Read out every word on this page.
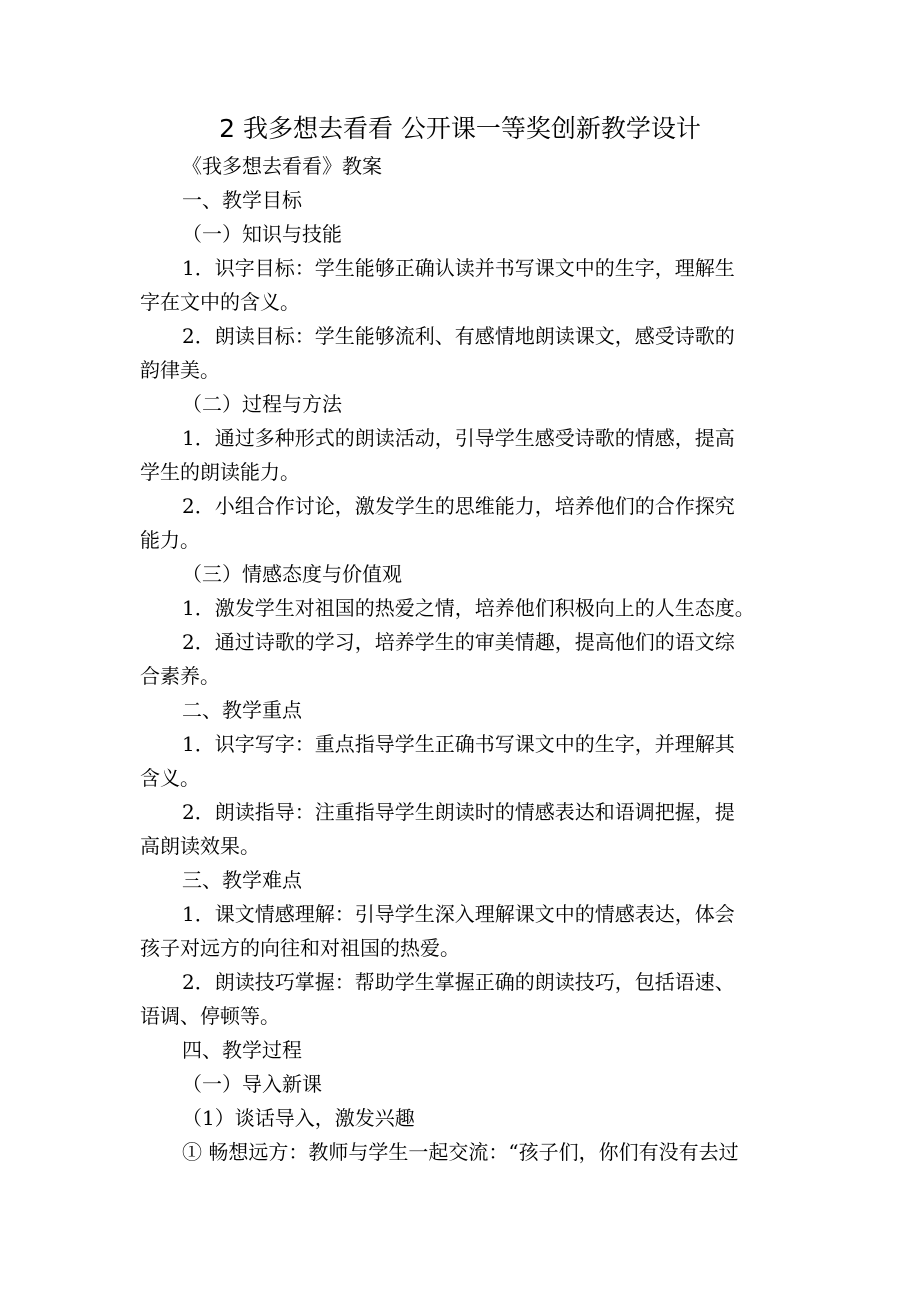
2 我多想去看看 公开课一等奖创新教学设计
《我多想去看看》教案
一、教学目标
（一）知识与技能
1．识字目标：学生能够正确认读并书写课文中的生字，理解生
字在文中的含义。
2．朗读目标：学生能够流利、有感情地朗读课文，感受诗歌的
韵律美。
（二）过程与方法
1．通过多种形式的朗读活动，引导学生感受诗歌的情感，提高
学生的朗读能力。
2．小组合作讨论，激发学生的思维能力，培养他们的合作探究
能力。
（三）情感态度与价值观
1．激发学生对祖国的热爱之情，培养他们积极向上的人生态度。
2．通过诗歌的学习，培养学生的审美情趣，提高他们的语文综
合素养。
二、教学重点
1．识字写字：重点指导学生正确书写课文中的生字，并理解其
含义。
2．朗读指导：注重指导学生朗读时的情感表达和语调把握，提
高朗读效果。
三、教学难点
1．课文情感理解：引导学生深入理解课文中的情感表达，体会
孩子对远方的向往和对祖国的热爱。
2．朗读技巧掌握：帮助学生掌握正确的朗读技巧，包括语速、
语调、停顿等。
四、教学过程
（一）导入新课
（1）谈话导入，激发兴趣
① 畅想远方：教师与学生一起交流：“孩子们，你们有没有去过
